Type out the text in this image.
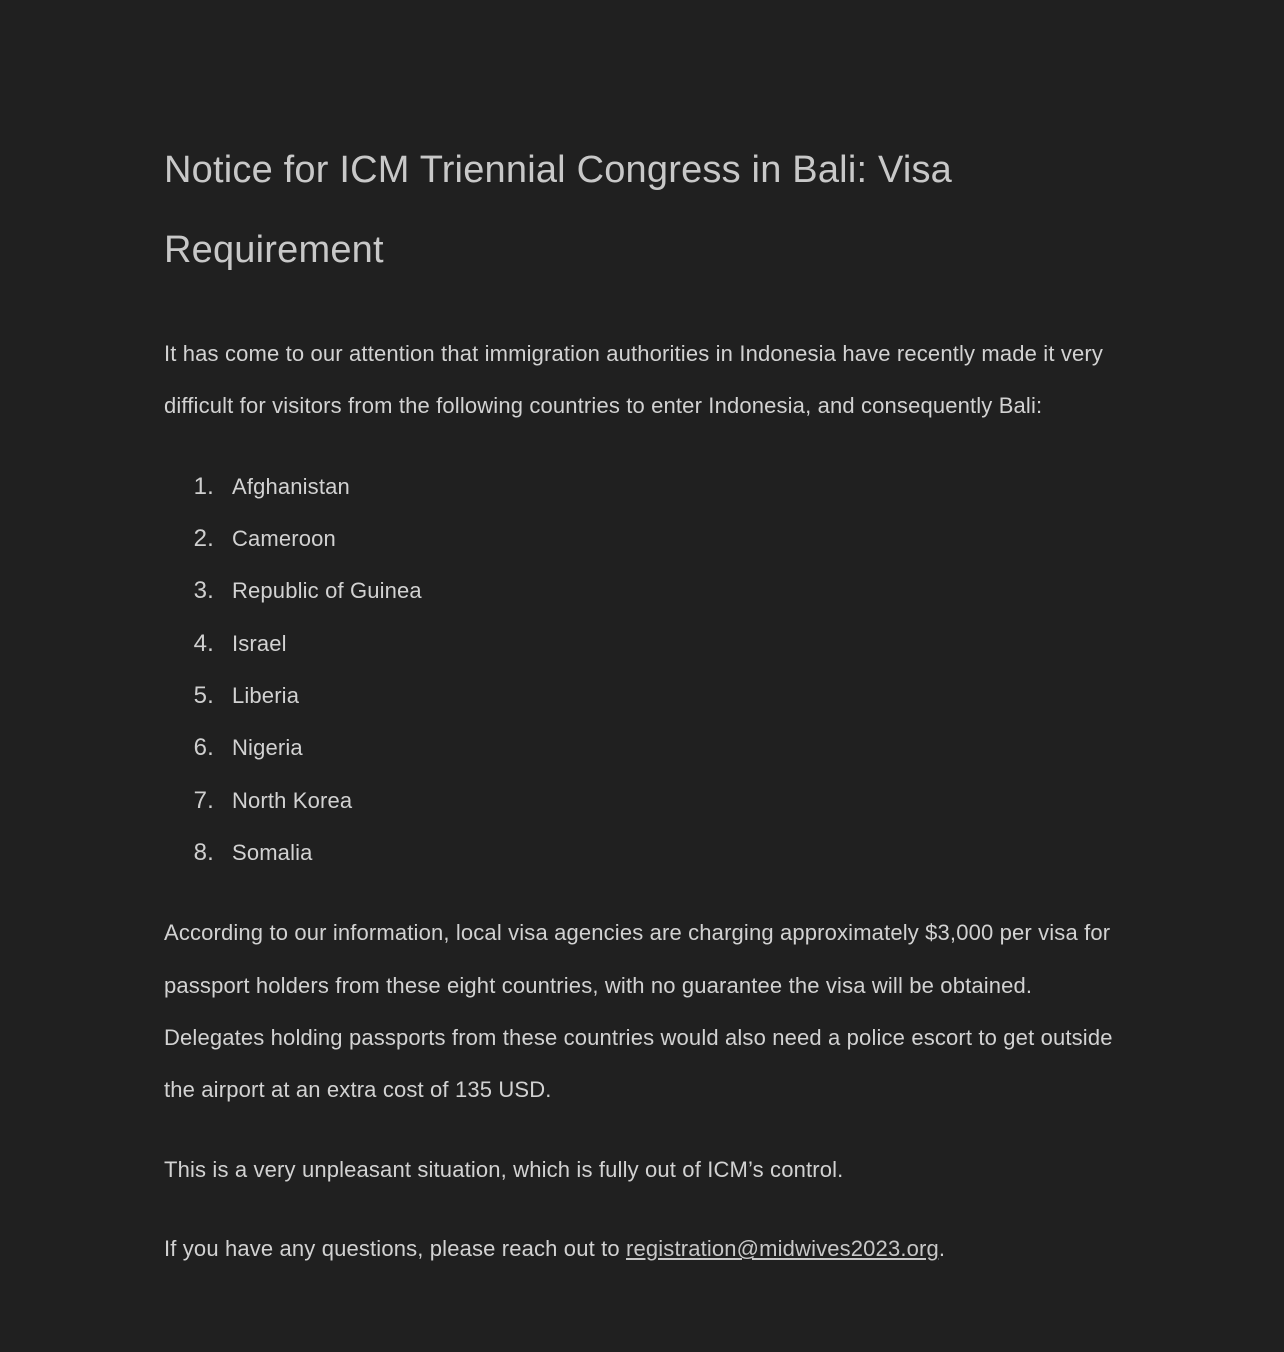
Notice for ICM Triennial Congress in Bali: Visa Requirement

It has come to our attention that immigration authorities in Indonesia have recently made it very difficult for visitors from the following countries to enter Indonesia, and consequently Bali:

1. Afghanistan
2. Cameroon
3. Republic of Guinea
4. Israel
5. Liberia
6. Nigeria
7. North Korea
8. Somalia

According to our information, local visa agencies are charging approximately $3,000 per visa for passport holders from these eight countries, with no guarantee the visa will be obtained. Delegates holding passports from these countries would also need a police escort to get outside the airport at an extra cost of 135 USD.

This is a very unpleasant situation, which is fully out of ICM’s control.

If you have any questions, please reach out to registration@midwives2023.org.
